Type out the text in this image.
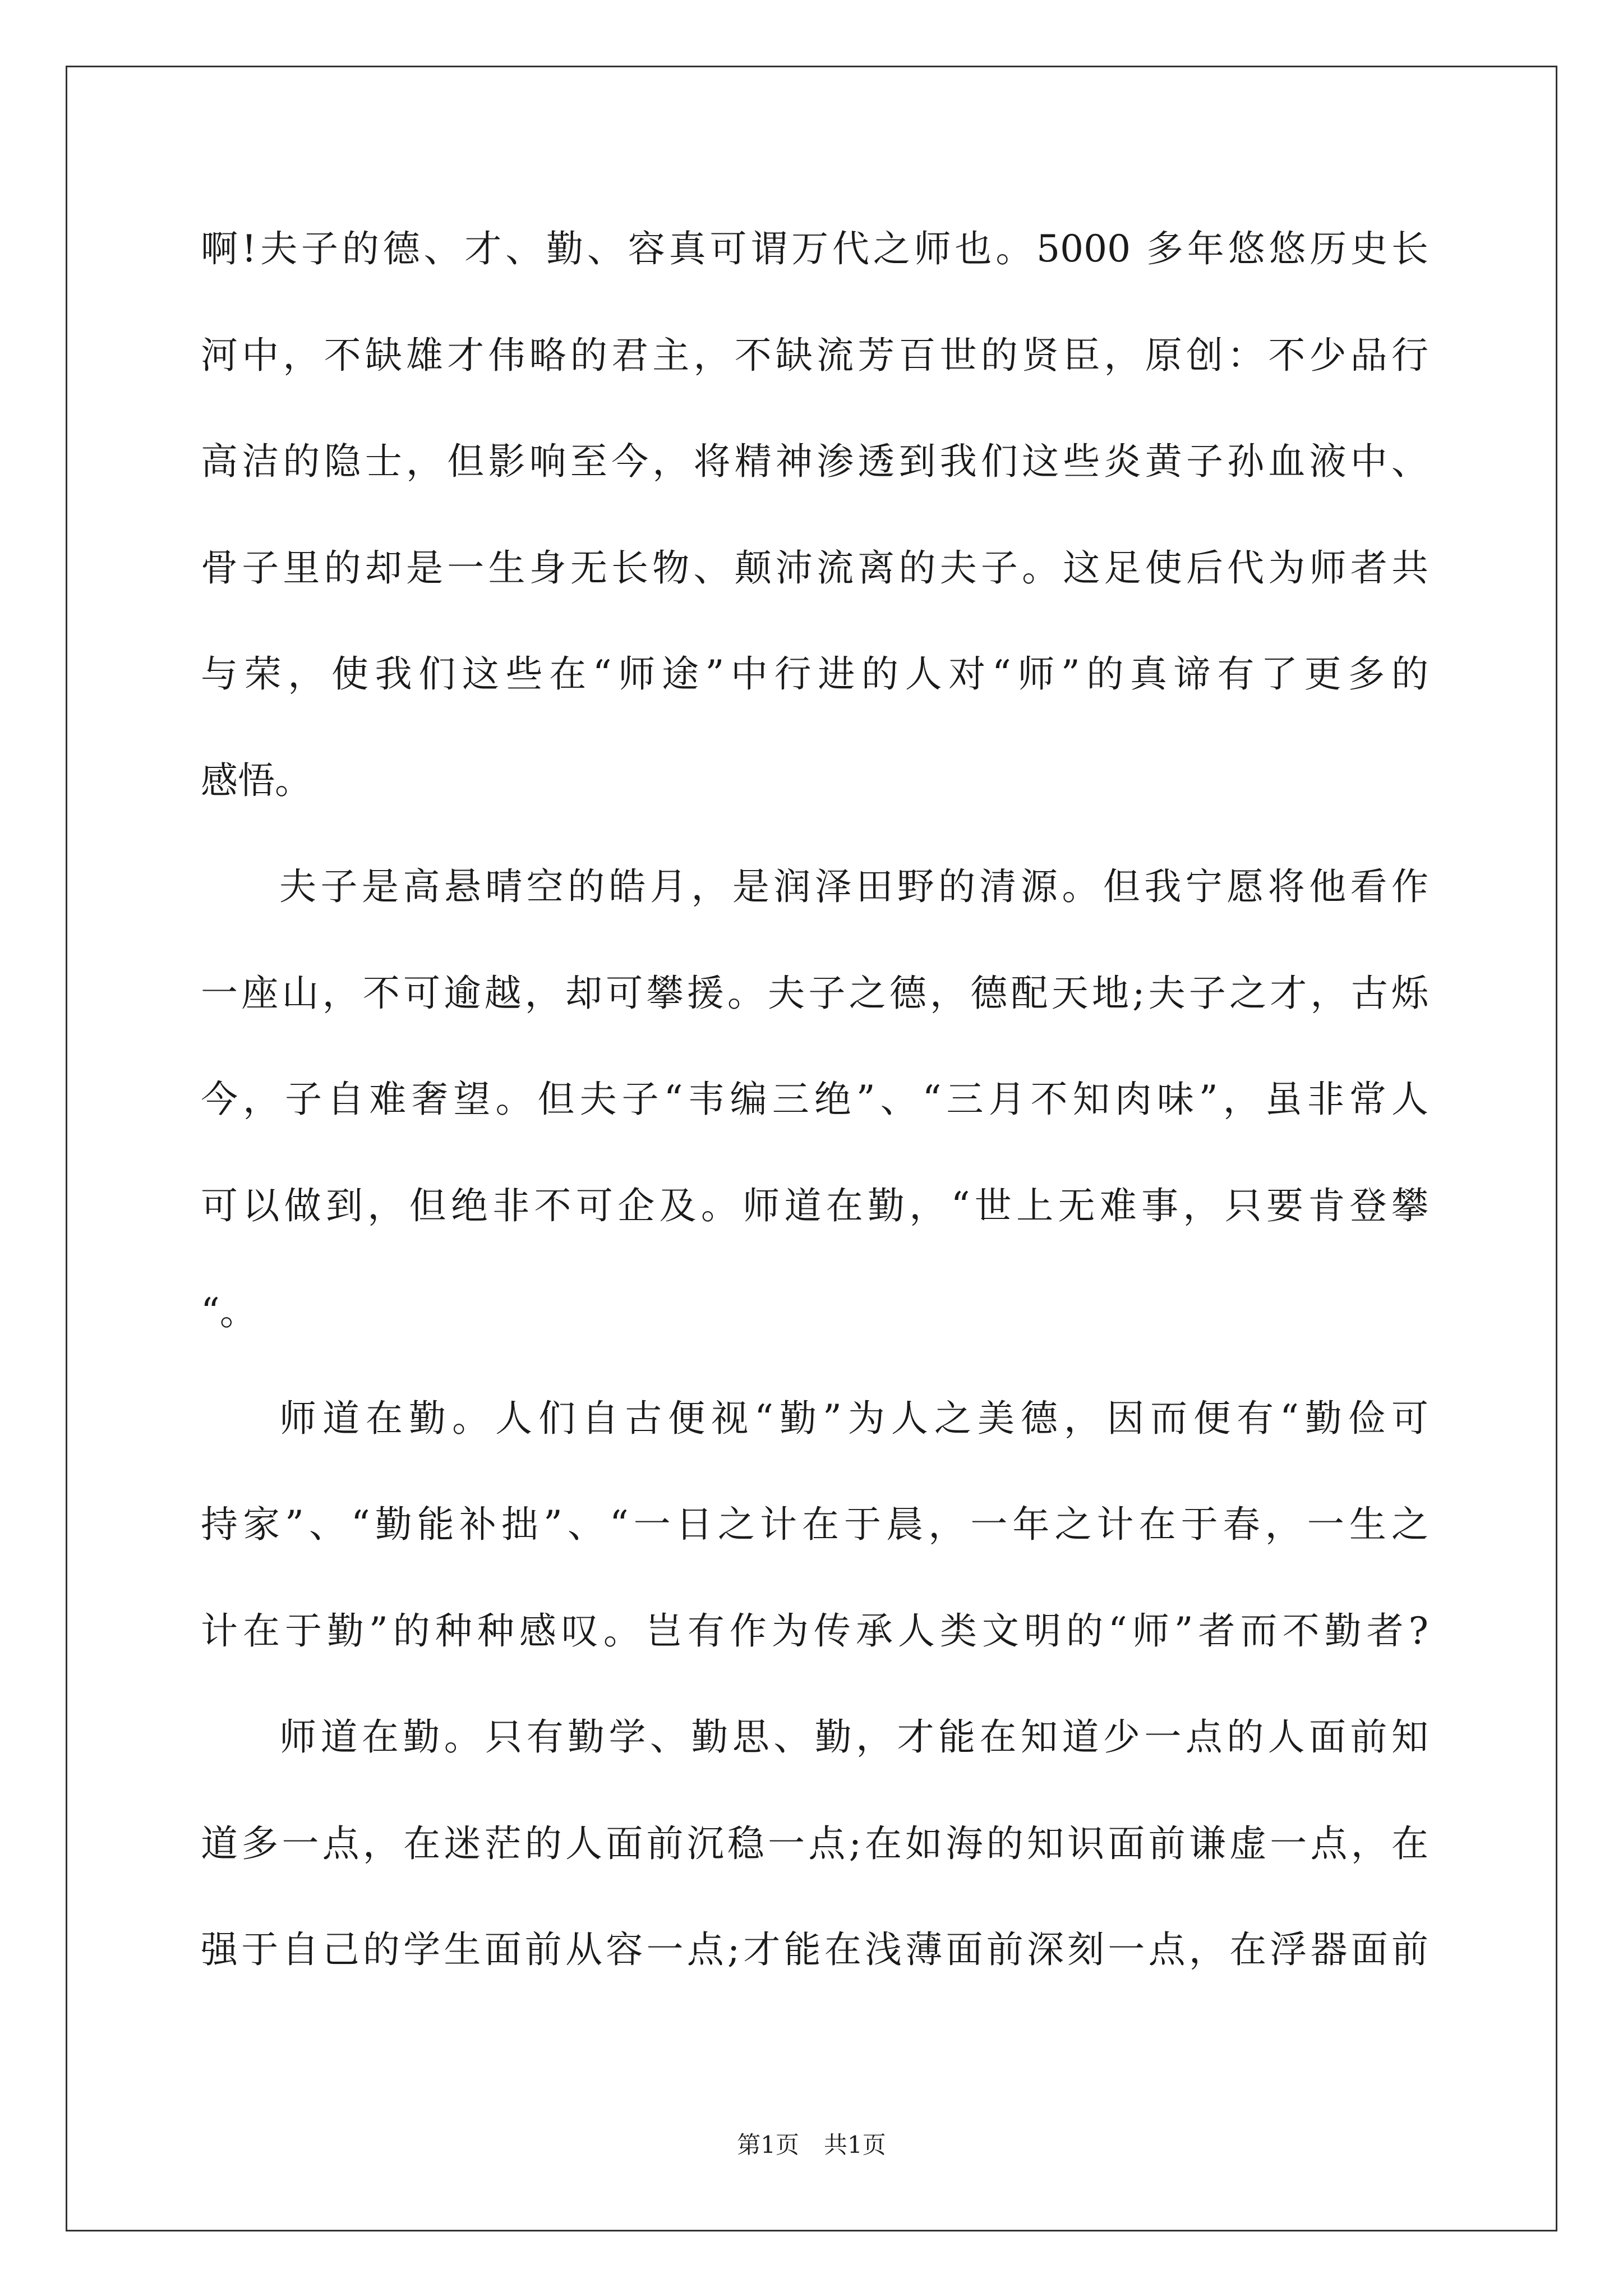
啊!夫子的德、才、勤、容真可谓万代之师也。5000 多年悠悠历史长
河中，不缺雄才伟略的君主，不缺流芳百世的贤臣，原创：不少品行
高洁的隐士，但影响至今，将精神渗透到我们这些炎黄子孙血液中、
骨子里的却是一生身无长物、颠沛流离的夫子。这足使后代为师者共
与荣，使我们这些在“师途”中行进的人对“师”的真谛有了更多的
感悟。
夫子是高悬晴空的皓月，是润泽田野的清源。但我宁愿将他看作
一座山，不可逾越，却可攀援。夫子之德，德配天地;夫子之才，古烁
今，子自难奢望。但夫子“韦编三绝”、“三月不知肉味”，虽非常人
可以做到，但绝非不可企及。师道在勤，“世上无难事，只要肯登攀
“。
师道在勤。人们自古便视“勤”为人之美德，因而便有“勤俭可
持家”、“勤能补拙”、“一日之计在于晨，一年之计在于春，一生之
计在于勤”的种种感叹。岂有作为传承人类文明的“师”者而不勤者?
师道在勤。只有勤学、勤思、勤，才能在知道少一点的人面前知
道多一点，在迷茫的人面前沉稳一点;在如海的知识面前谦虚一点，在
强于自己的学生面前从容一点;才能在浅薄面前深刻一点，在浮器面前
第1页 共1页
